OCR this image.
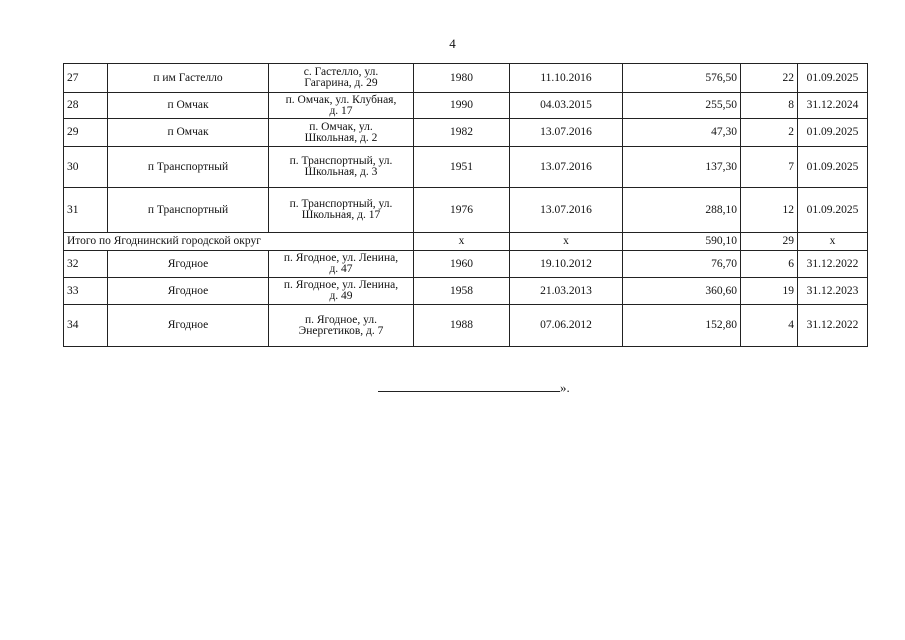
4
27	п им Гастелло	с. Гастелло, ул.
Гагарина, д. 29	1980	11.10.2016	576,50	22	01.09.2025
28	п Омчак	п. Омчак, ул. Клубная,
д. 17	1990	04.03.2015	255,50	8	31.12.2024
29	п Омчак	п. Омчак, ул.
Школьная, д. 2	1982	13.07.2016	47,30	2	01.09.2025
30	п Транспортный	п. Транспортный, ул.
Школьная, д. 3	1951	13.07.2016	137,30	7	01.09.2025
31	п Транспортный	п. Транспортный, ул.
Школьная, д. 17	1976	13.07.2016	288,10	12	01.09.2025
Итого по Ягоднинский городской округ			х	х	590,10	29	х
32	Ягодное	п. Ягодное, ул. Ленина,
д. 47	1960	19.10.2012	76,70	6	31.12.2022
33	Ягодное	п. Ягодное, ул. Ленина,
д. 49	1958	21.03.2013	360,60	19	31.12.2023
34	Ягодное	п. Ягодное, ул.
Энергетиков, д. 7	1988	07.06.2012	152,80	4	31.12.2022
».
